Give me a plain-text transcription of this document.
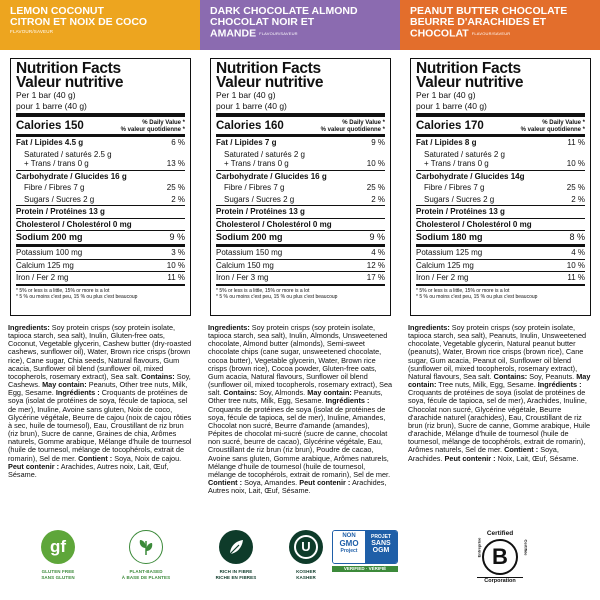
LEMON COCONUT
CITRON ET NOIX DE COCO
FLAVOUR/SAVEUR
Nutrition Facts
Valeur nutritive
Per 1 bar (40 g)
pour 1 barre (40 g)
Calories 150	% Daily Value *
% valeur quotidienne *
Fat / Lipides 4.5 g	6 %
Saturated / saturés 2.5 g
+ Trans / trans 0 g	13 %
Carbohydrate / Glucides 16 g
Fibre / Fibres 7 g	25 %
Sugars / Sucres 2 g	2 %
Protein / Protéines 13 g
Cholesterol / Cholestérol 0 mg
Sodium 200 mg	9 %
Potassium 100 mg	3 %
Calcium 125 mg	10 %
Iron / Fer 2 mg	11 %
* 5% or less is a little, 15% or more is a lot
* 5 % ou moins c'est peu, 15 % ou plus c'est beaucoup
Ingredients: Soy protein crisps (soy protein isolate, tapioca starch, sea salt), Inulin, Gluten-free oats, Coconut, Vegetable glycerin, Cashew butter (dry-roasted cashews, sunflower oil), Water, Brown rice crisps (brown rice), Cane sugar, Chia seeds, Natural flavours, Gum acacia, Sunflower oil blend (sunflower oil, mixed tocopherols, rosemary extract), Sea salt. Contains: Soy, Cashews. May contain: Peanuts, Other tree nuts, Milk, Egg, Sesame. Ingrédients : Croquants de protéines de soya (isolat de protéines de soya, fécule de tapioca, sel de mer), Inuline, Avoine sans gluten, Noix de coco, Glycérine végétale, Beurre de cajou (noix de cajou rôties à sec, huile de tournesol), Eau, Croustillant de riz brun (riz brun), Sucre de canne, Graines de chia, Arômes naturels, Gomme arabique, Mélange d'huile de tournesol (huile de tournesol, mélange de tocophérols, extrait de romarin), Sel de mer. Contient : Soya, Noix de cajou. Peut contenir : Arachides, Autres noix, Lait, Œuf, Sésame.
gf
GLUTEN FREE
SANS GLUTEN
PLANT-BASED
À BASE DE PLANTES
DARK CHOCOLATE ALMOND
CHOCOLAT NOIR ET AMANDE FLAVOUR/SAVEUR
Nutrition Facts
Valeur nutritive
Per 1 bar (40 g)
pour 1 barre (40 g)
Calories 160	% Daily Value *
% valeur quotidienne *
Fat / Lipides 7 g	9 %
Saturated / saturés 2 g
+ Trans / trans 0 g	10 %
Carbohydrate / Glucides 16 g
Fibre / Fibres 7 g	25 %
Sugars / Sucres 2 g	2 %
Protein / Protéines 13 g
Cholesterol / Cholestérol 0 mg
Sodium 200 mg	9 %
Potassium 150 mg	4 %
Calcium 150 mg	12 %
Iron / Fer 3 mg	17 %
* 5% or less is a little, 15% or more is a lot
* 5 % ou moins c'est peu, 15 % ou plus c'est beaucoup
Ingredients: Soy protein crisps (soy protein isolate, tapioca starch, sea salt), Inulin, Almonds, Unsweetened chocolate, Almond butter (almonds), Semi-sweet chocolate chips (cane sugar, unsweetened chocolate, cocoa butter), Vegetable glycerin, Water, Brown rice crisps (brown rice), Cocoa powder, Gluten-free oats, Gum acacia, Natural flavours, Sunflower oil blend (sunflower oil, mixed tocopherols, rosemary extract), Sea salt. Contains: Soy, Almonds. May contain: Peanuts, Other tree nuts, Milk, Egg, Sesame. Ingrédients : Croquants de protéines de soya (isolat de protéines de soya, fécule de tapioca, sel de mer), Inuline, Amandes, Chocolat non sucré, Beurre d'amande (amandes), Pépites de chocolat mi-sucré (sucre de canne, chocolat non sucré, beurre de cacao), Glycérine végétale, Eau, Croustillant de riz brun (riz brun), Poudre de cacao, Avoine sans gluten, Gomme arabique, Arômes naturels, Mélange d'huile de tournesol (huile de tournesol, mélange de tocophérols, extrait de romarin), Sel de mer. Contient : Soya, Amandes. Peut contenir : Arachides, Autres noix, Lait, Œuf, Sésame.
RICH IN FIBRE
RICHE EN FIBRES
U
KOSHER
KASHER
NON
GMO
Project
PROJET
SANS
OGM
VERIFIED · VÉRIFIÉ
PEANUT BUTTER CHOCOLATE
BEURRE D'ARACHIDES ET CHOCOLAT FLAVOUR/SAVEUR
Nutrition Facts
Valeur nutritive
Per 1 bar (40 g)
pour 1 barre (40 g)
Calories 170	% Daily Value *
% valeur quotidienne *
Fat / Lipides 8 g	11 %
Saturated / saturés 2 g
+ Trans / trans 0 g	10 %
Carbohydrate / Glucides 14g
Fibre / Fibres 7 g	25 %
Sugars / Sucres 2 g	2 %
Protein / Protéines 13 g
Cholesterol / Cholestérol 0 mg
Sodium 180 mg	8 %
Potassium 125 mg	4 %
Calcium 125 mg	10 %
Iron / Fer 2 mg	11 %
* 5% or less is a little, 15% or more is a lot
* 5 % ou moins c'est peu, 15 % ou plus c'est beaucoup
Ingredients: Soy protein crisps (soy protein isolate, tapioca starch, sea salt), Peanuts, Inulin, Unsweetened chocolate, Vegetable glycerin, Natural peanut butter (peanuts), Water, Brown rice crisps (brown rice), Cane sugar, Gum acacia, Peanut oil, Sunflower oil blend (sunflower oil, mixed tocopherols, rosemary extract), Natural flavours, Sea salt. Contains: Soy, Peanuts. May contain: Tree nuts, Milk, Egg, Sesame. Ingrédients : Croquants de protéines de soya (isolat de protéines de soya, fécule de tapioca, sel de mer), Arachides, Inuline, Chocolat non sucré, Glycérine végétale, Beurre d'arachide naturel (arachides), Eau, Croustillant de riz brun (riz brun), Sucre de canne, Gomme arabique, Huile d'arachide, Mélange d'huile de tournesol (huile de tournesol, mélange de tocophérols, extrait de romarin), Arômes naturels, Sel de mer. Contient : Soya, Arachides. Peut contenir : Noix, Lait, Œuf, Sésame.
Certified
Entreprise B	Certifiée
Corporation
